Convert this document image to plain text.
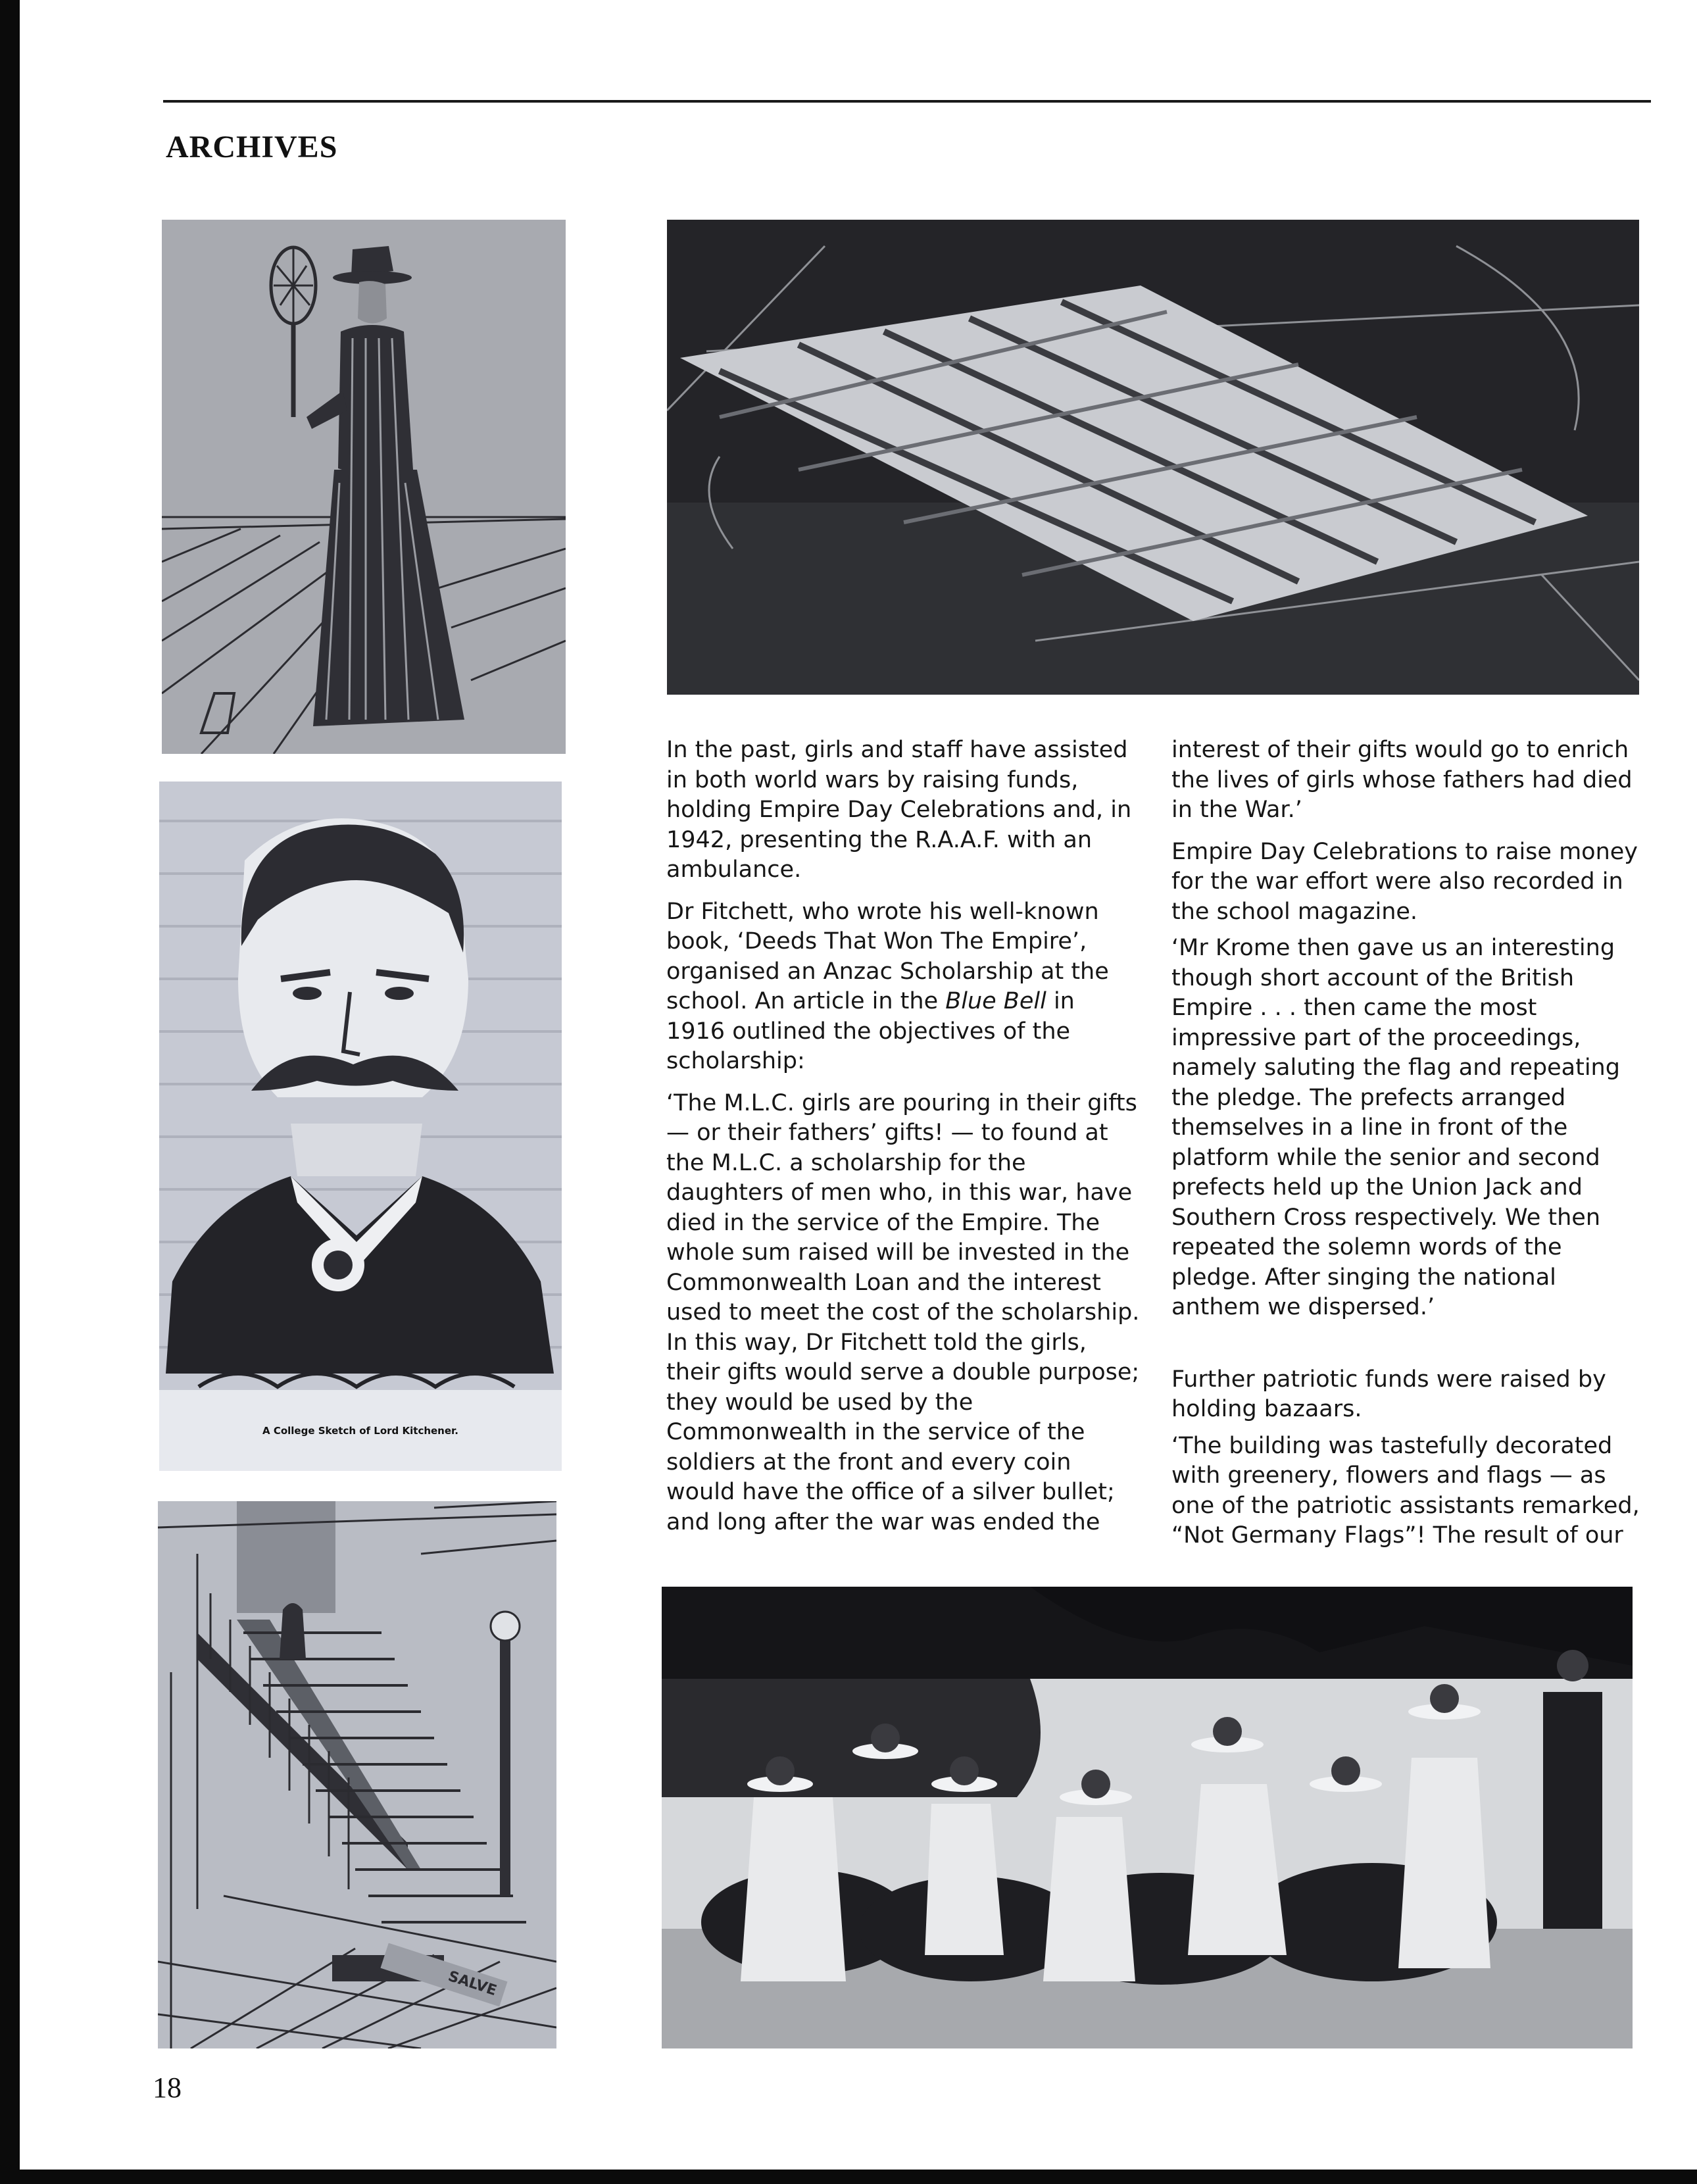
ARCHIVES
A College Sketch of Lord Kitchener.
SALVE

In the past, girls and staff have assisted in both world wars by raising funds, holding Empire Day Celebrations and, in 1942, presenting the R.A.A.F. with an ambulance.

Dr Fitchett, who wrote his well-known book, ‘Deeds That Won The Empire’, organised an Anzac Scholarship at the school. An article in the Blue Bell in 1916 outlined the objectives of the scholarship:

‘The M.L.C. girls are pouring in their gifts — or their fathers’ gifts! — to found at the M.L.C. a scholarship for the daughters of men who, in this war, have died in the service of the Empire. The whole sum raised will be invested in the Commonwealth Loan and the interest used to meet the cost of the scholarship. In this way, Dr Fitchett told the girls, their gifts would serve a double purpose; they would be used by the Commonwealth in the service of the soldiers at the front and every coin would have the office of a silver bullet; and long after the war was ended the

interest of their gifts would go to enrich the lives of girls whose fathers had died in the War.’

Empire Day Celebrations to raise money for the war effort were also recorded in the school magazine.

‘Mr Krome then gave us an interesting though short account of the British Empire . . . then came the most impressive part of the proceedings, namely saluting the flag and repeating the pledge. The prefects arranged themselves in a line in front of the platform while the senior and second prefects held up the Union Jack and Southern Cross respectively. We then repeated the solemn words of the pledge. After singing the national anthem we dispersed.’

Further patriotic funds were raised by holding bazaars.

‘The building was tastefully decorated with greenery, flowers and flags — as one of the patriotic assistants remarked, “Not Germany Flags”! The result of our

18
